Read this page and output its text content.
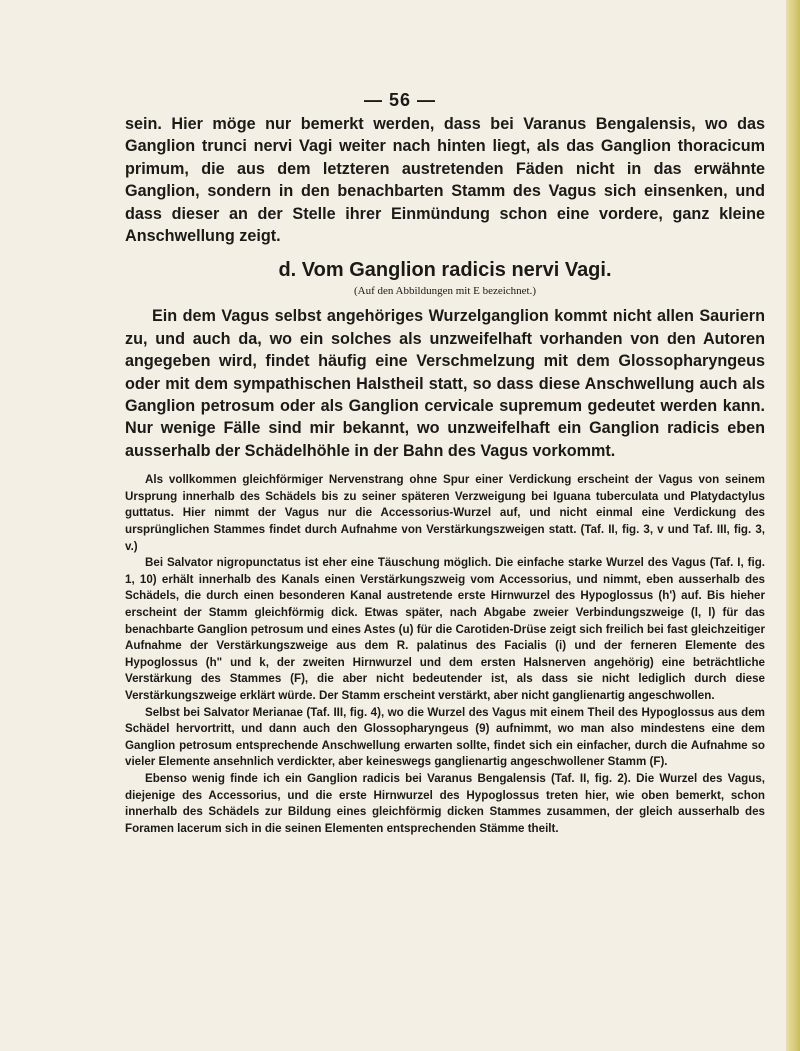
— 56 —

sein. Hier möge nur bemerkt werden, dass bei Varanus Bengalensis, wo das Ganglion trunci nervi Vagi weiter nach hinten liegt, als das Ganglion thoracicum primum, die aus dem letzteren austretenden Fäden nicht in das erwähnte Ganglion, sondern in den benachbarten Stamm des Vagus sich einsenken, und dass dieser an der Stelle ihrer Einmündung schon eine vordere, ganz kleine Anschwellung zeigt.

d. Vom Ganglion radicis nervi Vagi.
(Auf den Abbildungen mit E bezeichnet.)

Ein dem Vagus selbst angehöriges Wurzelganglion kommt nicht allen Sauriern zu, und auch da, wo ein solches als unzweifelhaft vorhanden von den Autoren angegeben wird, findet häufig eine Verschmelzung mit dem Glossopharyngeus oder mit dem sympathischen Halstheil statt, so dass diese Anschwellung auch als Ganglion petrosum oder als Ganglion cervicale supremum gedeutet werden kann. Nur wenige Fälle sind mir bekannt, wo unzweifelhaft ein Ganglion radicis eben ausserhalb der Schädelhöhle in der Bahn des Vagus vorkommt.

Als vollkommen gleichförmiger Nervenstrang ohne Spur einer Verdickung erscheint der Vagus von seinem Ursprung innerhalb des Schädels bis zu seiner späteren Verzweigung bei Iguana tuberculata und Platydactylus guttatus. Hier nimmt der Vagus nur die Accessorius-Wurzel auf, und nicht einmal eine Verdickung des ursprünglichen Stammes findet durch Aufnahme von Verstärkungszweigen statt. (Taf. II, fig. 3, v und Taf. III, fig. 3, v.)

Bei Salvator nigropunctatus ist eher eine Täuschung möglich. Die einfache starke Wurzel des Vagus (Taf. I, fig. 1, 10) erhält innerhalb des Kanals einen Verstärkungszweig vom Accessorius, und nimmt, eben ausserhalb des Schädels, die durch einen besonderen Kanal austretende erste Hirnwurzel des Hypoglossus (h') auf. Bis hieher erscheint der Stamm gleichförmig dick. Etwas später, nach Abgabe zweier Verbindungszweige (l, l) für das benachbarte Ganglion petrosum und eines Astes (u) für die Carotiden-Drüse zeigt sich freilich bei fast gleichzeitiger Aufnahme der Verstärkungszweige aus dem R. palatinus des Facialis (i) und der ferneren Elemente des Hypoglossus (h" und k, der zweiten Hirnwurzel und dem ersten Halsnerven angehörig) eine beträchtliche Verstärkung des Stammes (F), die aber nicht bedeutender ist, als dass sie nicht lediglich durch diese Verstärkungszweige erklärt würde. Der Stamm erscheint verstärkt, aber nicht ganglienartig angeschwollen.

Selbst bei Salvator Merianae (Taf. III, fig. 4), wo die Wurzel des Vagus mit einem Theil des Hypoglossus aus dem Schädel hervortritt, und dann auch den Glossopharyngeus (9) aufnimmt, wo man also mindestens eine dem Ganglion petrosum entsprechende Anschwellung erwarten sollte, findet sich ein einfacher, durch die Aufnahme so vieler Elemente ansehnlich verdickter, aber keineswegs ganglienartig angeschwollener Stamm (F).

Ebenso wenig finde ich ein Ganglion radicis bei Varanus Bengalensis (Taf. II, fig. 2). Die Wurzel des Vagus, diejenige des Accessorius, und die erste Hirnwurzel des Hypoglossus treten hier, wie oben bemerkt, schon innerhalb des Schädels zur Bildung eines gleichförmig dicken Stammes zusammen, der gleich ausserhalb des Foramen lacerum sich in die seinen Elementen entsprechenden Stämme theilt.
